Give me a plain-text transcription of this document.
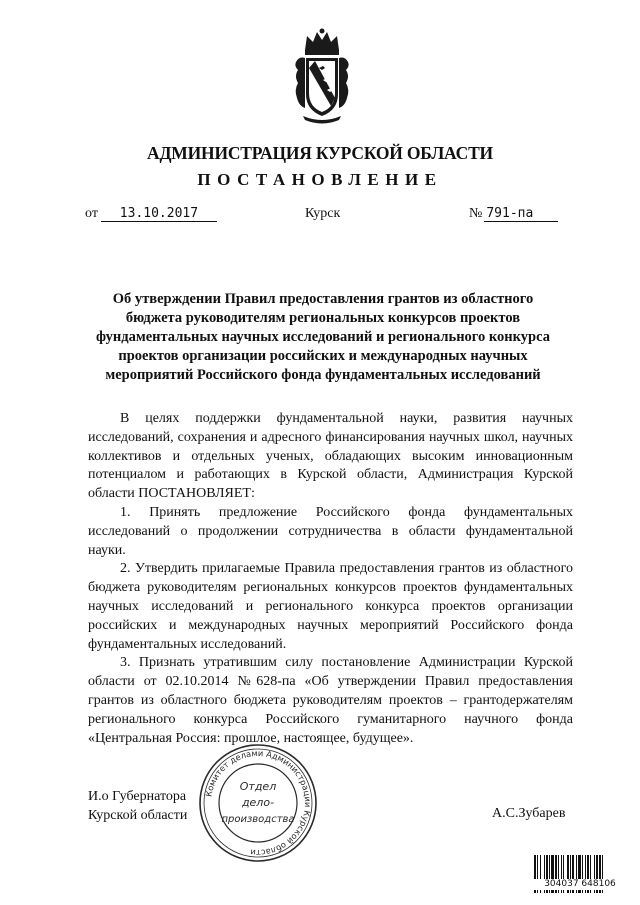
АДМИНИСТРАЦИЯ КУРСКОЙ ОБЛАСТИ
ПОСТАНОВЛЕНИЕ
от 13.10.2017	Курск	№ 791-па

Об утверждении Правил предоставления грантов из областного бюджета руководителям региональных конкурсов проектов фундаментальных научных исследований и регионального конкурса проектов организации российских и международных научных мероприятий Российского фонда фундаментальных исследований

В целях поддержки фундаментальной науки, развития научных исследований, сохранения и адресного финансирования научных школ, научных коллективов и отдельных ученых, обладающих высоким инновационным потенциалом и работающих в Курской области, Администрация Курской области ПОСТАНОВЛЯЕТ:

1. Принять предложение Российского фонда фундаментальных исследований о продолжении сотрудничества в области фундаментальной науки.

2. Утвердить прилагаемые Правила предоставления грантов из областного бюджета руководителям региональных конкурсов проектов фундаментальных научных исследований и регионального конкурса проектов организации российских и международных научных мероприятий Российского фонда фундаментальных исследований.

3. Признать утратившим силу постановление Администрации Курской области от 02.10.2014 №628-па «Об утверждении Правил предоставления грантов из областного бюджета руководителям проектов – грантодержателям регионального конкурса Российского гуманитарного научного фонда «Центральная Россия: прошлое, настоящее, будущее».

И.о Губернатора
Курской области	А.С.Зубарев
Комитет делами Администрации Курской области
Отдел
дело-
производства
304037 648106
